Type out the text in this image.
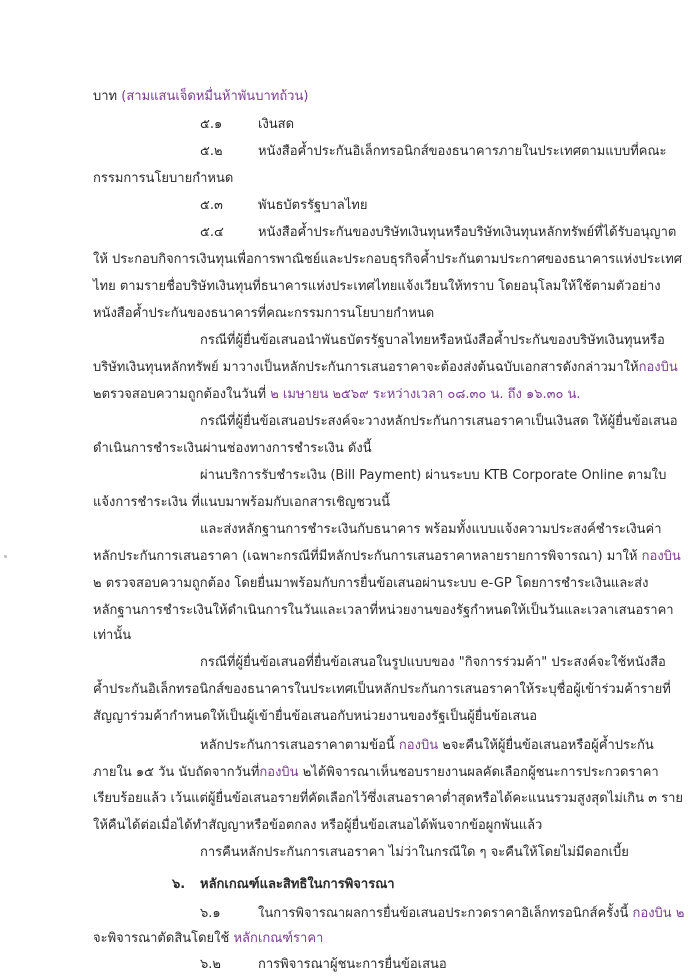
บาท (สามแสนเจ็ดหมื่นห้าพันบาทถ้วน)
๕.๑	เงินสด
๕.๒	หนังสือค้ำประกันอิเล็กทรอนิกส์ของธนาคารภายในประเทศตามแบบที่คณะ
กรรมการนโยบายกำหนด
๕.๓	พันธบัตรรัฐบาลไทย
๕.๔	หนังสือค้ำประกันของบริษัทเงินทุนหรือบริษัทเงินทุนหลักทรัพย์ที่ได้รับอนุญาต
ให้ ประกอบกิจการเงินทุนเพื่อการพาณิชย์และประกอบธุรกิจค้ำประกันตามประกาศของธนาคารแห่งประเทศ
ไทย ตามรายชื่อบริษัทเงินทุนที่ธนาคารแห่งประเทศไทยแจ้งเวียนให้ทราบ โดยอนุโลมให้ใช้ตามตัวอย่าง
หนังสือค้ำประกันของธนาคารที่คณะกรรมการนโยบายกำหนด
กรณีที่ผู้ยื่นข้อเสนอนำพันธบัตรรัฐบาลไทยหรือหนังสือค้ำประกันของบริษัทเงินทุนหรือ
บริษัทเงินทุนหลักทรัพย์ มาวางเป็นหลักประกันการเสนอราคาจะต้องส่งต้นฉบับเอกสารดังกล่าวมาให้กองบิน
๒ตรวจสอบความถูกต้องในวันที่ ๒ เมษายน ๒๕๖๙ ระหว่างเวลา ๐๘.๓๐ น. ถึง ๑๖.๓๐ น.
กรณีที่ผู้ยื่นข้อเสนอประสงค์จะวางหลักประกันการเสนอราคาเป็นเงินสด ให้ผู้ยื่นข้อเสนอ
ดำเนินการชำระเงินผ่านช่องทางการชำระเงิน ดังนี้
ผ่านบริการรับชำระเงิน (Bill Payment) ผ่านระบบ KTB Corporate Online ตามใบ
แจ้งการชำระเงิน ที่แนบมาพร้อมกับเอกสารเชิญชวนนี้
และส่งหลักฐานการชำระเงินกับธนาคาร พร้อมทั้งแบบแจ้งความประสงค์ชำระเงินค่า
หลักประกันการเสนอราคา (เฉพาะกรณีที่มีหลักประกันการเสนอราคาหลายรายการพิจารณา) มาให้ กองบิน
๒ ตรวจสอบความถูกต้อง โดยยื่นมาพร้อมกับการยื่นข้อเสนอผ่านระบบ e-GP โดยการชำระเงินและส่ง
หลักฐานการชำระเงินให้ดำเนินการในวันและเวลาที่หน่วยงานของรัฐกำหนดให้เป็นวันและเวลาเสนอราคา
เท่านั้น
กรณีที่ผู้ยื่นข้อเสนอที่ยื่นข้อเสนอในรูปแบบของ "กิจการร่วมค้า" ประสงค์จะใช้หนังสือ
ค้ำประกันอิเล็กทรอนิกส์ของธนาคารในประเทศเป็นหลักประกันการเสนอราคาให้ระบุชื่อผู้เข้าร่วมค้ารายที่
สัญญาร่วมค้ากำหนดให้เป็นผู้เข้ายื่นข้อเสนอกับหน่วยงานของรัฐเป็นผู้ยื่นข้อเสนอ
หลักประกันการเสนอราคาตามข้อนี้ กองบิน ๒จะคืนให้ผู้ยื่นข้อเสนอหรือผู้ค้ำประกัน
ภายใน ๑๕ วัน นับถัดจากวันที่กองบิน ๒ได้พิจารณาเห็นชอบรายงานผลคัดเลือกผู้ชนะการประกวดราคา
เรียบร้อยแล้ว เว้นแต่ผู้ยื่นข้อเสนอรายที่คัดเลือกไว้ซึ่งเสนอราคาต่ำสุดหรือได้คะแนนรวมสูงสุดไม่เกิน ๓ ราย
ให้คืนได้ต่อเมื่อได้ทำสัญญาหรือข้อตกลง หรือผู้ยื่นข้อเสนอได้พ้นจากข้อผูกพันแล้ว
การคืนหลักประกันการเสนอราคา ไม่ว่าในกรณีใด ๆ จะคืนให้โดยไม่มีดอกเบี้ย
๖. หลักเกณฑ์และสิทธิในการพิจารณา
๖.๑	ในการพิจารณาผลการยื่นข้อเสนอประกวดราคาอิเล็กทรอนิกส์ครั้งนี้ กองบิน ๒
จะพิจารณาตัดสินโดยใช้ หลักเกณฑ์ราคา
๖.๒	การพิจารณาผู้ชนะการยื่นข้อเสนอ
